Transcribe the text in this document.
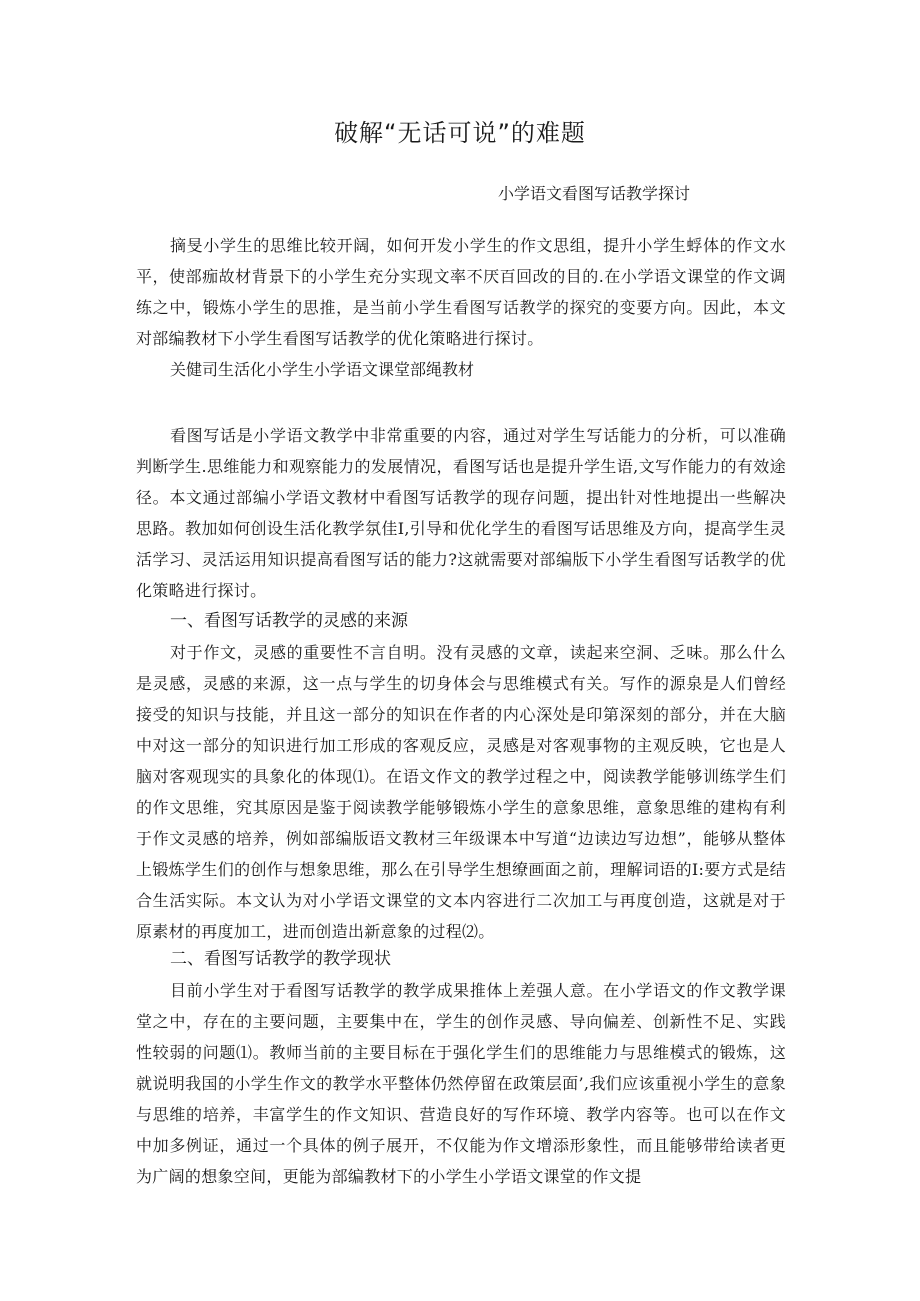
破解“无话可说”的难题
小学语文看图写话教学探讨
摘旻小学生的思维比较开阔，如何开发小学生的作文思组，提升小学生蜉体的作文水平，使部痂故材背景下的小学生充分实现文率不厌百回改的目的.在小学语文课堂的作文调练之中，锻炼小学生的思推，是当前小学生看图写话教学的探究的变要方向。因此，本文对部编教材下小学生看图写话教学的优化策略进行探讨。
关健司生活化小学生小学语文课堂部绳教材
看图写话是小学语文教学中非常重要的内容，通过对学生写话能力的分析，可以准确判断学生.思维能力和观察能力的发展情况，看图写话也是提升学生语,文写作能力的有效途径。本文通过部编小学语文教材中看图写话教学的现存问题，提出针对性地提出一些解决思路。教加如何创设生活化教学氛佳I,引导和优化学生的看图写话思维及方向，提高学生灵活学习、灵活运用知识提高看图写话的能力?这就需要对部编版下小学生看图写话教学的优化策略进行探讨。
一、看图写话教学的灵感的来源
对于作文，灵感的重要性不言自明。没有灵感的文章，读起来空洞、乏味。那么什么是灵感，灵感的来源，这一点与学生的切身体会与思维模式有关。写作的源泉是人们曾经接受的知识与技能，并且这一部分的知识在作者的内心深处是印第深刻的部分，并在大脑中对这一部分的知识进行加工形成的客观反应，灵感是对客观事物的主观反映，它也是人脑对客观现实的具象化的体现⑴。在语文作文的教学过程之中，阅读教学能够训练学生们的作文思维，究其原因是鉴于阅读教学能够锻炼小学生的意象思维，意象思维的建构有利于作文灵感的培养，例如部编版语文教材三年级课本中写道“边读边写边想”，能够从整体上锻炼学生们的创作与想象思维，那么在引导学生想缭画面之前，理解词语的I:要方式是结合生活实际。本文认为对小学语文课堂的文本内容进行二次加工与再度创造，这就是对于原素材的再度加工，进而创造出新意象的过程⑵。
二、看图写话教学的教学现状
目前小学生对于看图写话教学的教学成果推体上差强人意。在小学语文的作文教学课堂之中，存在的主要问题，主要集中在，学生的创作灵感、导向偏差、创新性不足、实践性较弱的问题⑴。教师当前的主要目标在于强化学生们的思维能力与思维模式的锻炼，这就说明我国的小学生作文的教学水平整体仍然停留在政策层面’,我们应该重视小学生的意象与思维的培养，丰富学生的作文知识、营造良好的写作环境、教学内容等。也可以在作文中加多例证，通过一个具体的例子展开，不仅能为作文增添形象性，而且能够带给读者更为广阔的想象空间，更能为部编教材下的小学生小学语文课堂的作文提
